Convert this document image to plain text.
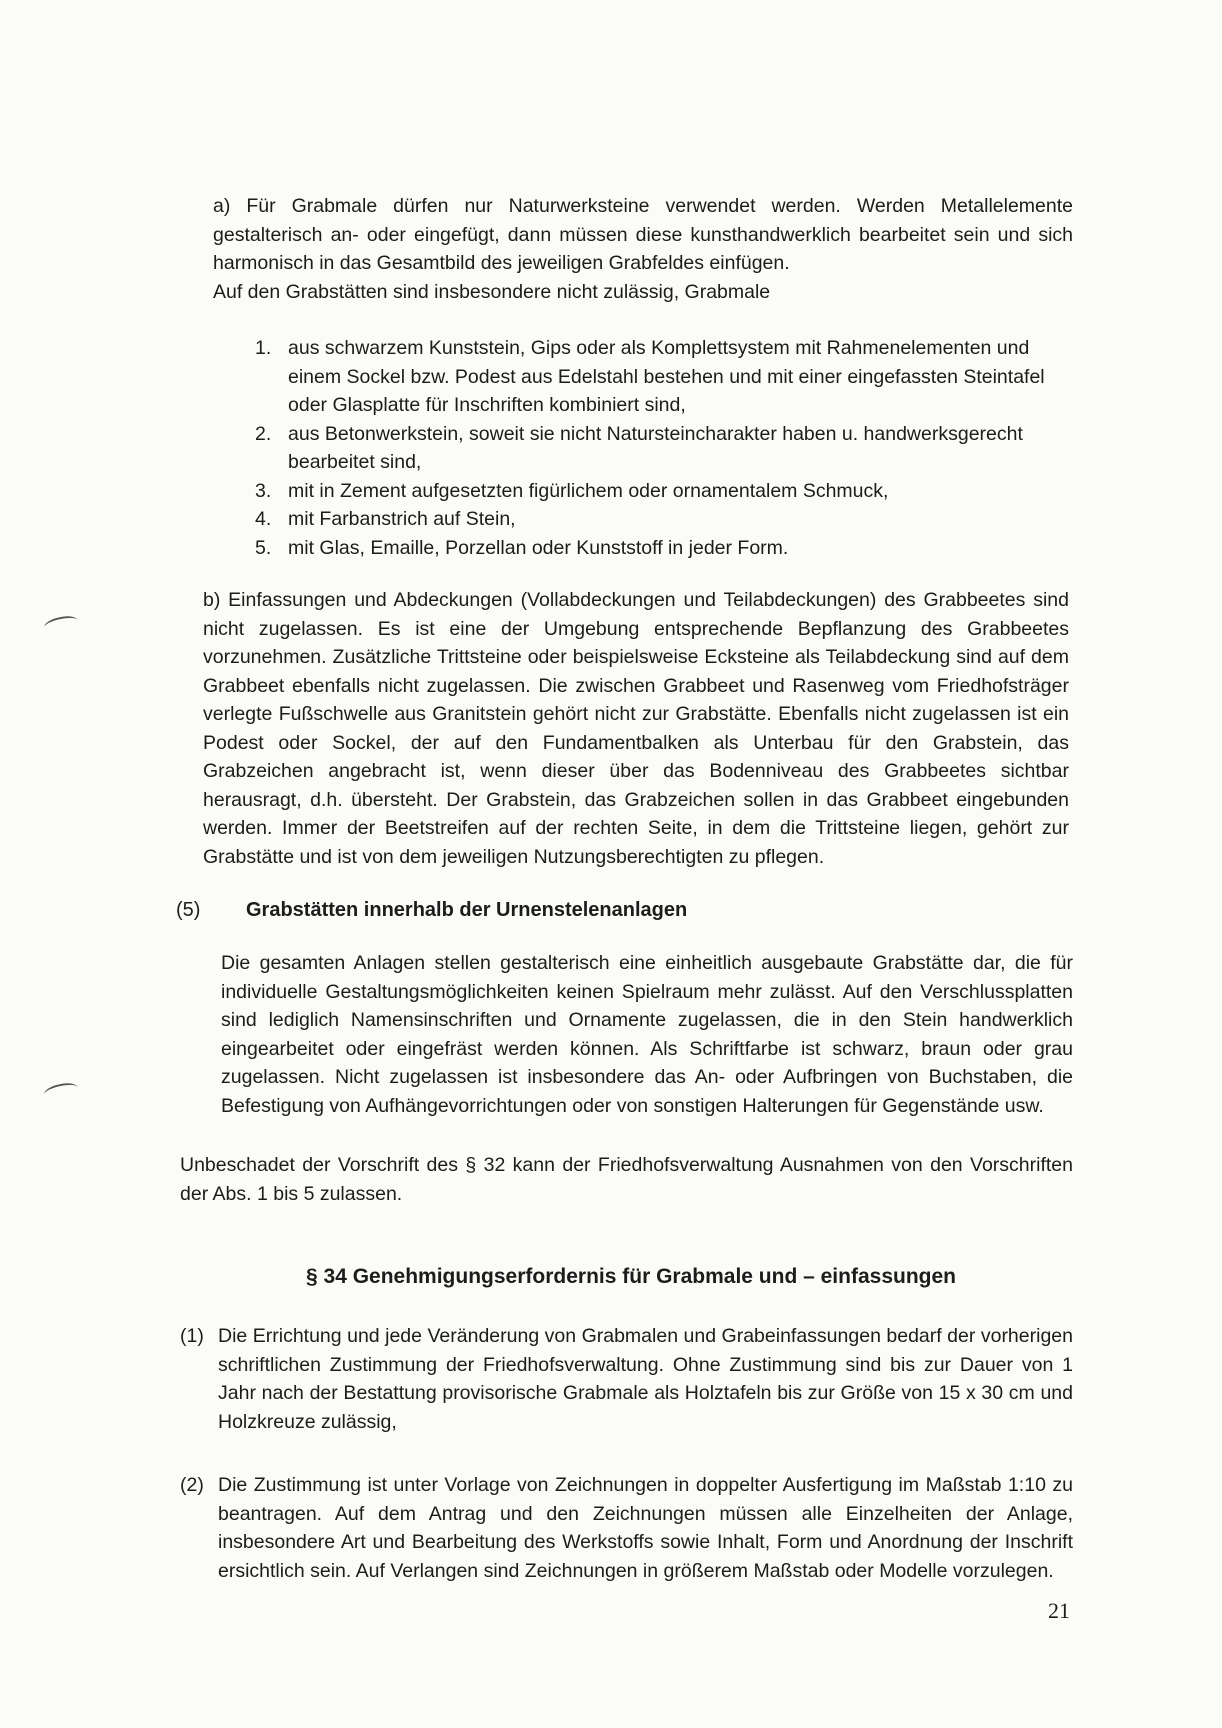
a) Für Grabmale dürfen nur Naturwerksteine verwendet werden. Werden Metallelemente gestalterisch an- oder eingefügt, dann müssen diese kunsthandwerklich bearbeitet sein und sich harmonisch in das Gesamtbild des jeweiligen Grabfeldes einfügen.
Auf den Grabstätten sind insbesondere nicht zulässig, Grabmale
1. aus schwarzem Kunststein, Gips oder als Komplettsystem mit Rahmenelementen und einem Sockel bzw. Podest aus Edelstahl bestehen und mit einer eingefassten Steintafel oder Glasplatte für Inschriften kombiniert sind,
2. aus Betonwerkstein, soweit sie nicht Natursteincharakter haben u. handwerksgerecht bearbeitet sind,
3. mit in Zement aufgesetzten figürlichem oder ornamentalem Schmuck,
4. mit Farbanstrich auf Stein,
5. mit Glas, Emaille, Porzellan oder Kunststoff in jeder Form.
b) Einfassungen und Abdeckungen (Vollabdeckungen und Teilabdeckungen) des Grabbeetes sind nicht zugelassen. Es ist eine der Umgebung entsprechende Bepflanzung des Grabbeetes vorzunehmen. Zusätzliche Trittsteine oder beispielsweise Ecksteine als Teilabdeckung sind auf dem Grabbeet ebenfalls nicht zugelassen. Die zwischen Grabbeet und Rasenweg vom Friedhofsträger verlegte Fußschwelle aus Granitstein gehört nicht zur Grabstätte. Ebenfalls nicht zugelassen ist ein Podest oder Sockel, der auf den Fundamentbalken als Unterbau für den Grabstein, das Grabzeichen angebracht ist, wenn dieser über das Bodenniveau des Grabbeetes sichtbar herausragt, d.h. übersteht. Der Grabstein, das Grabzeichen sollen in das Grabbeet eingebunden werden. Immer der Beetstreifen auf der rechten Seite, in dem die Trittsteine liegen, gehört zur Grabstätte und ist von dem jeweiligen Nutzungsberechtigten zu pflegen.
(5) Grabstätten innerhalb der Urnenstelenanlagen
Die gesamten Anlagen stellen gestalterisch eine einheitlich ausgebaute Grabstätte dar, die für individuelle Gestaltungsmöglichkeiten keinen Spielraum mehr zulässt. Auf den Verschlussplatten sind lediglich Namensinschriften und Ornamente zugelassen, die in den Stein handwerklich eingearbeitet oder eingefräst werden können. Als Schriftfarbe ist schwarz, braun oder grau zugelassen. Nicht zugelassen ist insbesondere das An- oder Aufbringen von Buchstaben, die Befestigung von Aufhängevorrichtungen oder von sonstigen Halterungen für Gegenstände usw.
Unbeschadet der Vorschrift des § 32 kann der Friedhofsverwaltung Ausnahmen von den Vorschriften der Abs. 1 bis 5 zulassen.
§ 34 Genehmigungserfordernis für Grabmale und – einfassungen
(1) Die Errichtung und jede Veränderung von Grabmalen und Grabeinfassungen bedarf der vorherigen schriftlichen Zustimmung der Friedhofsverwaltung. Ohne Zustimmung sind bis zur Dauer von 1 Jahr nach der Bestattung provisorische Grabmale als Holztafeln bis zur Größe von 15 x 30 cm und Holzkreuze zulässig,
(2) Die Zustimmung ist unter Vorlage von Zeichnungen in doppelter Ausfertigung im Maßstab 1:10 zu beantragen. Auf dem Antrag und den Zeichnungen müssen alle Einzelheiten der Anlage, insbesondere Art und Bearbeitung des Werkstoffs sowie Inhalt, Form und Anordnung der Inschrift ersichtlich sein. Auf Verlangen sind Zeichnungen in größerem Maßstab oder Modelle vorzulegen.
21
